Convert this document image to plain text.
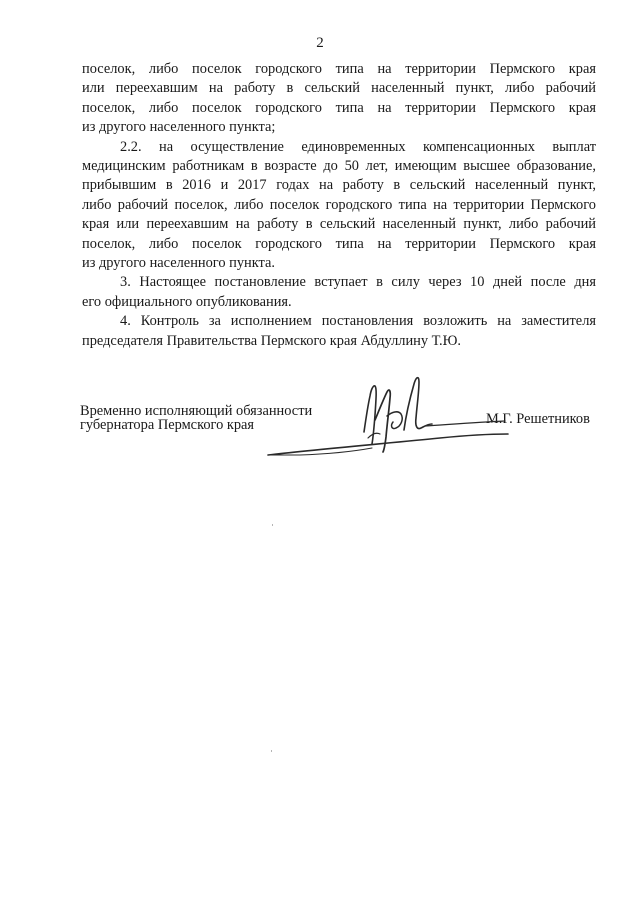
2
поселок, либо поселок городского типа на территории Пермского края
или переехавшим на работу в сельский населенный пункт, либо рабочий
поселок, либо поселок городского типа на территории Пермского края
из другого населенного пункта;
2.2. на осуществление единовременных компенсационных выплат
медицинским работникам в возрасте до 50 лет, имеющим высшее образование,
прибывшим в 2016 и 2017 годах на работу в сельский населенный пункт,
либо рабочий поселок, либо поселок городского типа на территории Пермского
края или переехавшим на работу в сельский населенный пункт, либо рабочий
поселок, либо поселок городского типа на территории Пермского края
из другого населенного пункта.
3. Настоящее постановление вступает в силу через 10 дней после дня
его официального опубликования.
4. Контроль за исполнением постановления возложить на заместителя
председателя Правительства Пермского края Абдуллину Т.Ю.
Временно исполняющий обязанности
губернатора Пермского края	М.Г. Решетников
